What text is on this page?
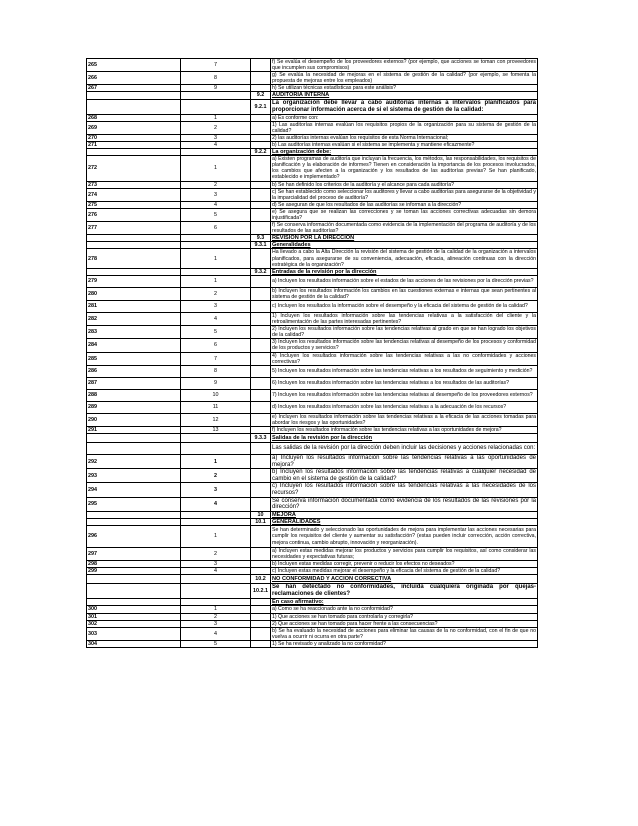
265	7		f) Se evalúa el desempeño de los proveedores externos? (por ejemplo, que acciones se toman con proveedores que incumplen sus compromisos)
266	8		g) Se evalúa la necesidad de mejoras en el sistema de gestión de la calidad? (por ejemplo, se fomenta la propuesta de mejoras entre los empleados)
267	9		h) Se utilizan técnicas estadísticas para este análisis?
		9.2	AUDITORIA INTERNA
		9.2.1	La organización debe llevar a cabo auditorías internas a intervalos planificados para proporcionar información acerca de si el sistema de gestión de la calidad:
268	1		a) Es conforme con:
269	2		1) Las auditorías internas evalúan los requisitos propios de la organización para su sistema de gestión de la calidad?
270	3		2) las auditorías internas evalúan los requisitos de esta Norma Internacional;
271	4		b) Las auditorías internas evalúan si el sistema se implementa y mantiene eficazmente?
		9.2.2	La organización debe:
272	1		a) Existen programas de auditoría que incluyan la frecuencia, los métodos, las responsabilidades, los requisitos de planificación y la elaboración de informes? Tienen en consideración la importancia de los procesos involucrados, los cambios que afecten a la organización y los resultados de las auditorías previas? Se han planificado, establecido e implementado?
273	2		b) Se han definido los criterios de la auditoría y el alcance para cada auditoría?
274	3		c) Se han establecido como seleccionar los auditores y llevar a cabo auditorías para asegurarse de la objetividad y la imparcialidad del proceso de auditoría?
275	4		d) Se aseguran de que los resultados de las auditorías se informan a la dirección?
276	5		e) Se asegura que se realizan las correcciones y se toman las acciones correctivas adecuadas sin demora injustificada?
277	6		f) Se conserva información documentada como evidencia de la implementación del programa de auditoría y de los resultados de las auditorías?
		9.3	REVISION POR LA DIRECCIÓN
		9.3.1	Generalidades
278	1		Ha llevado a cabo la Alta Dirección la revisión del sistema de gestión de la calidad de la organización a intervalos planificados, para asegurarse de su conveniencia, adecuación, eficacia, alineación continuas con la dirección estratégica de la organización?
		9.3.2	Entradas de la revisión por la dirección
279	1		a) Incluyen los resultados información sobre el estados de las acciones de las revisiones por la dirección previas?
280	2		b) Incluyen los resultados información los cambios en las cuestiones externas e internas que sean pertinentes al sistema de gestión de la calidad?
281	3		c) Incluyen los resultados la información sobre el desempeño y la eficacia del sistema de gestión de la calidad?
282	4		1) Incluyen los resultados información sobre las tendencias relativas a la satisfacción del cliente y la retroalimentación de las partes interesadas pertinentes?
283	5		2) Incluyen los resultados información sobre las tendencias relativas al grado en que se han logrado los objetivos de la calidad?
284	6		3) Incluyen los resultados información sobre las tendencias relativas al desempeño de los procesos y conformidad de los productos y servicios?
285	7		4) Incluyen los resultados información sobre las tendencias relativas a las no conformidades y acciones correctivas?
286	8		5) Incluyen los resultados información sobre las tendencias relativas a los resultados de seguimiento y medición?
287	9		6) Incluyen los resultados información sobre las tendencias relativas a los resultados de las auditorías?
288	10		7) Incluyen los resultados información sobre las tendencias relativas al desempeño de los proveedores externos?
289	11		d) Incluyen los resultados información sobre las tendencias relativas a la adecuación de los recursos?
290	12		e) Incluyen los resultados información sobre las tendencias relativas a la eficacia de las acciones tomadas para abordar los riesgos y las oportunidades?
291	13		f) Incluyen los resultados información sobre las tendencias relativas a las oportunidades de mejora?
		9.3.3	Salidas de la revisión por la dirección
			Las salidas de la revisión por la dirección deben incluir las decisiones y acciones relacionadas con:
292	1		a) Incluyen los resultados información sobre las tendencias relativas a las oportunidades de mejora?
293	2		b) Incluyen los resultados información sobre las tendencias relativas a cualquier necesidad de cambio en el sistema de gestión de la calidad?
294	3		c) Incluyen los resultados información sobre las tendencias relativas a las necesidades de los recursos?
295	4		Se conserva información documentada como evidencia de los resultados de las revisiones por la dirección?
		10	MEJORA
		10.1	GENERALIDADES
296	1		Se han determinado y seleccionado las oportunidades de mejora para implementar las acciones necesarias para cumplir los requisitos del cliente y aumentar su satisfacción? (estas pueden incluir corrección, acción correctiva, mejora continua, cambio abrupto, innovación y reorganización).
297	2		a) Incluyen estas medidas mejorar los productos y servicios para cumplir los requisitos, así como considerar las necesidades y expectativas futuras;
298	3		b) Incluyen estas medidas corregir, prevenir o reducir los efectos no deseados?
299	4		c) Incluyen estas medidas mejorar el desempeño y la eficacia del sistema de gestión de la calidad?
		10.2	NO CONFORMIDAD Y ACCION CORRECTIVA
		10.2.1	Se han detectado no conformidades, incluida cualquiera originada por quejas-reclamaciones de clientes?
			En caso afirmativo:
300	1		a) Como se ha reaccionado ante la no conformidad?
301	2		1) Que acciones se han tomado para controlarla y corregirla?
302	3		2) Que acciones se han tomado para hacer frente a las consecuencias?
303	4		b) Se ha evaluado la necesidad de acciones para eliminar las causas de la no conformidad, con el fin de que no vuelva a ocurrir ni ocurra en otra parte?
304	5		1) Se ha revisado y analizado la no conformidad?
